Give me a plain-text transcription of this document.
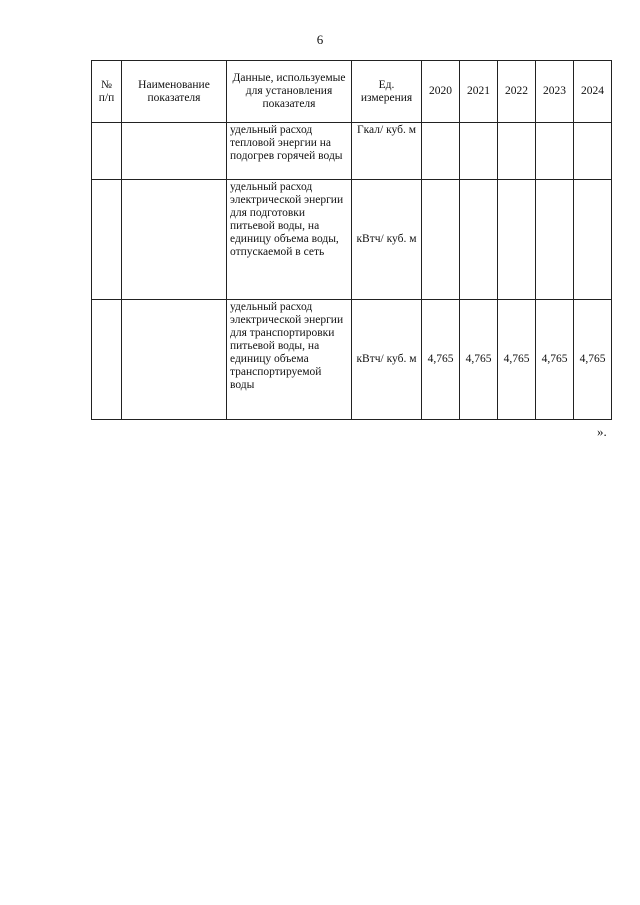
6
№ п/п	Наименование показателя	Данные, используемые для установления показателя	Ед. измерения	2020	2021	2022	2023	2024
		удельный расход тепловой энергии на подогрев горячей воды	Гкал/ куб. м					
		удельный расход электрической энергии для подготовки питьевой воды, на единицу объема воды, отпускаемой в сеть	кВтч/ куб. м					
		удельный расход электрической энергии для транспортировки питьевой воды, на единицу объема транспортируемой воды	кВтч/ куб. м	4,765	4,765	4,765	4,765	4,765
».
